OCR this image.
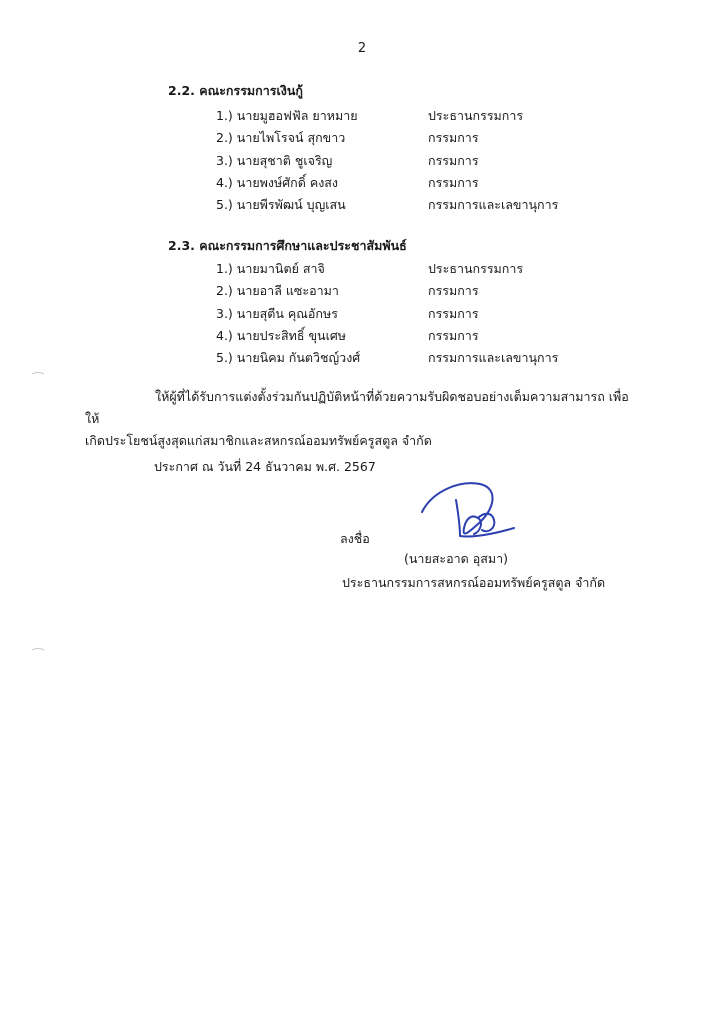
2
2.2. คณะกรรมการเงินกู้
1.) นายมูฮอฟฟัล ยาหมาย	ประธานกรรมการ
2.) นายไพโรจน์ สุกขาว	กรรมการ
3.) นายสุชาติ ชูเจริญ	กรรมการ
4.) นายพงษ์ศักดิ์ คงสง	กรรมการ
5.) นายพีรพัฒน์ บุญเสน	กรรมการและเลขานุการ
2.3. คณะกรรมการศึกษาและประชาสัมพันธ์
1.) นายมานิตย์ สาจิ	ประธานกรรมการ
2.) นายอาลี แซะอามา	กรรมการ
3.) นายสุตีน คุณอักษร	กรรมการ
4.) นายประสิทธิ์ ขุนเศษ	กรรมการ
5.) นายนิคม กันตวิชญ์วงศ์	กรรมการและเลขานุการ
ให้ผู้ที่ได้รับการแต่งตั้งร่วมกันปฏิบัติหน้าที่ด้วยความรับผิดชอบอย่างเต็มความสามารถ เพื่อให้
เกิดประโยชน์สูงสุดแก่สมาชิกและสหกรณ์ออมทรัพย์ครูสตูล จำกัด
ประกาศ ณ วันที่ 24 ธันวาคม พ.ศ. 2567
ลงชื่อ
(นายสะอาด อุสมา)
ประธานกรรมการสหกรณ์ออมทรัพย์ครูสตูล จำกัด
